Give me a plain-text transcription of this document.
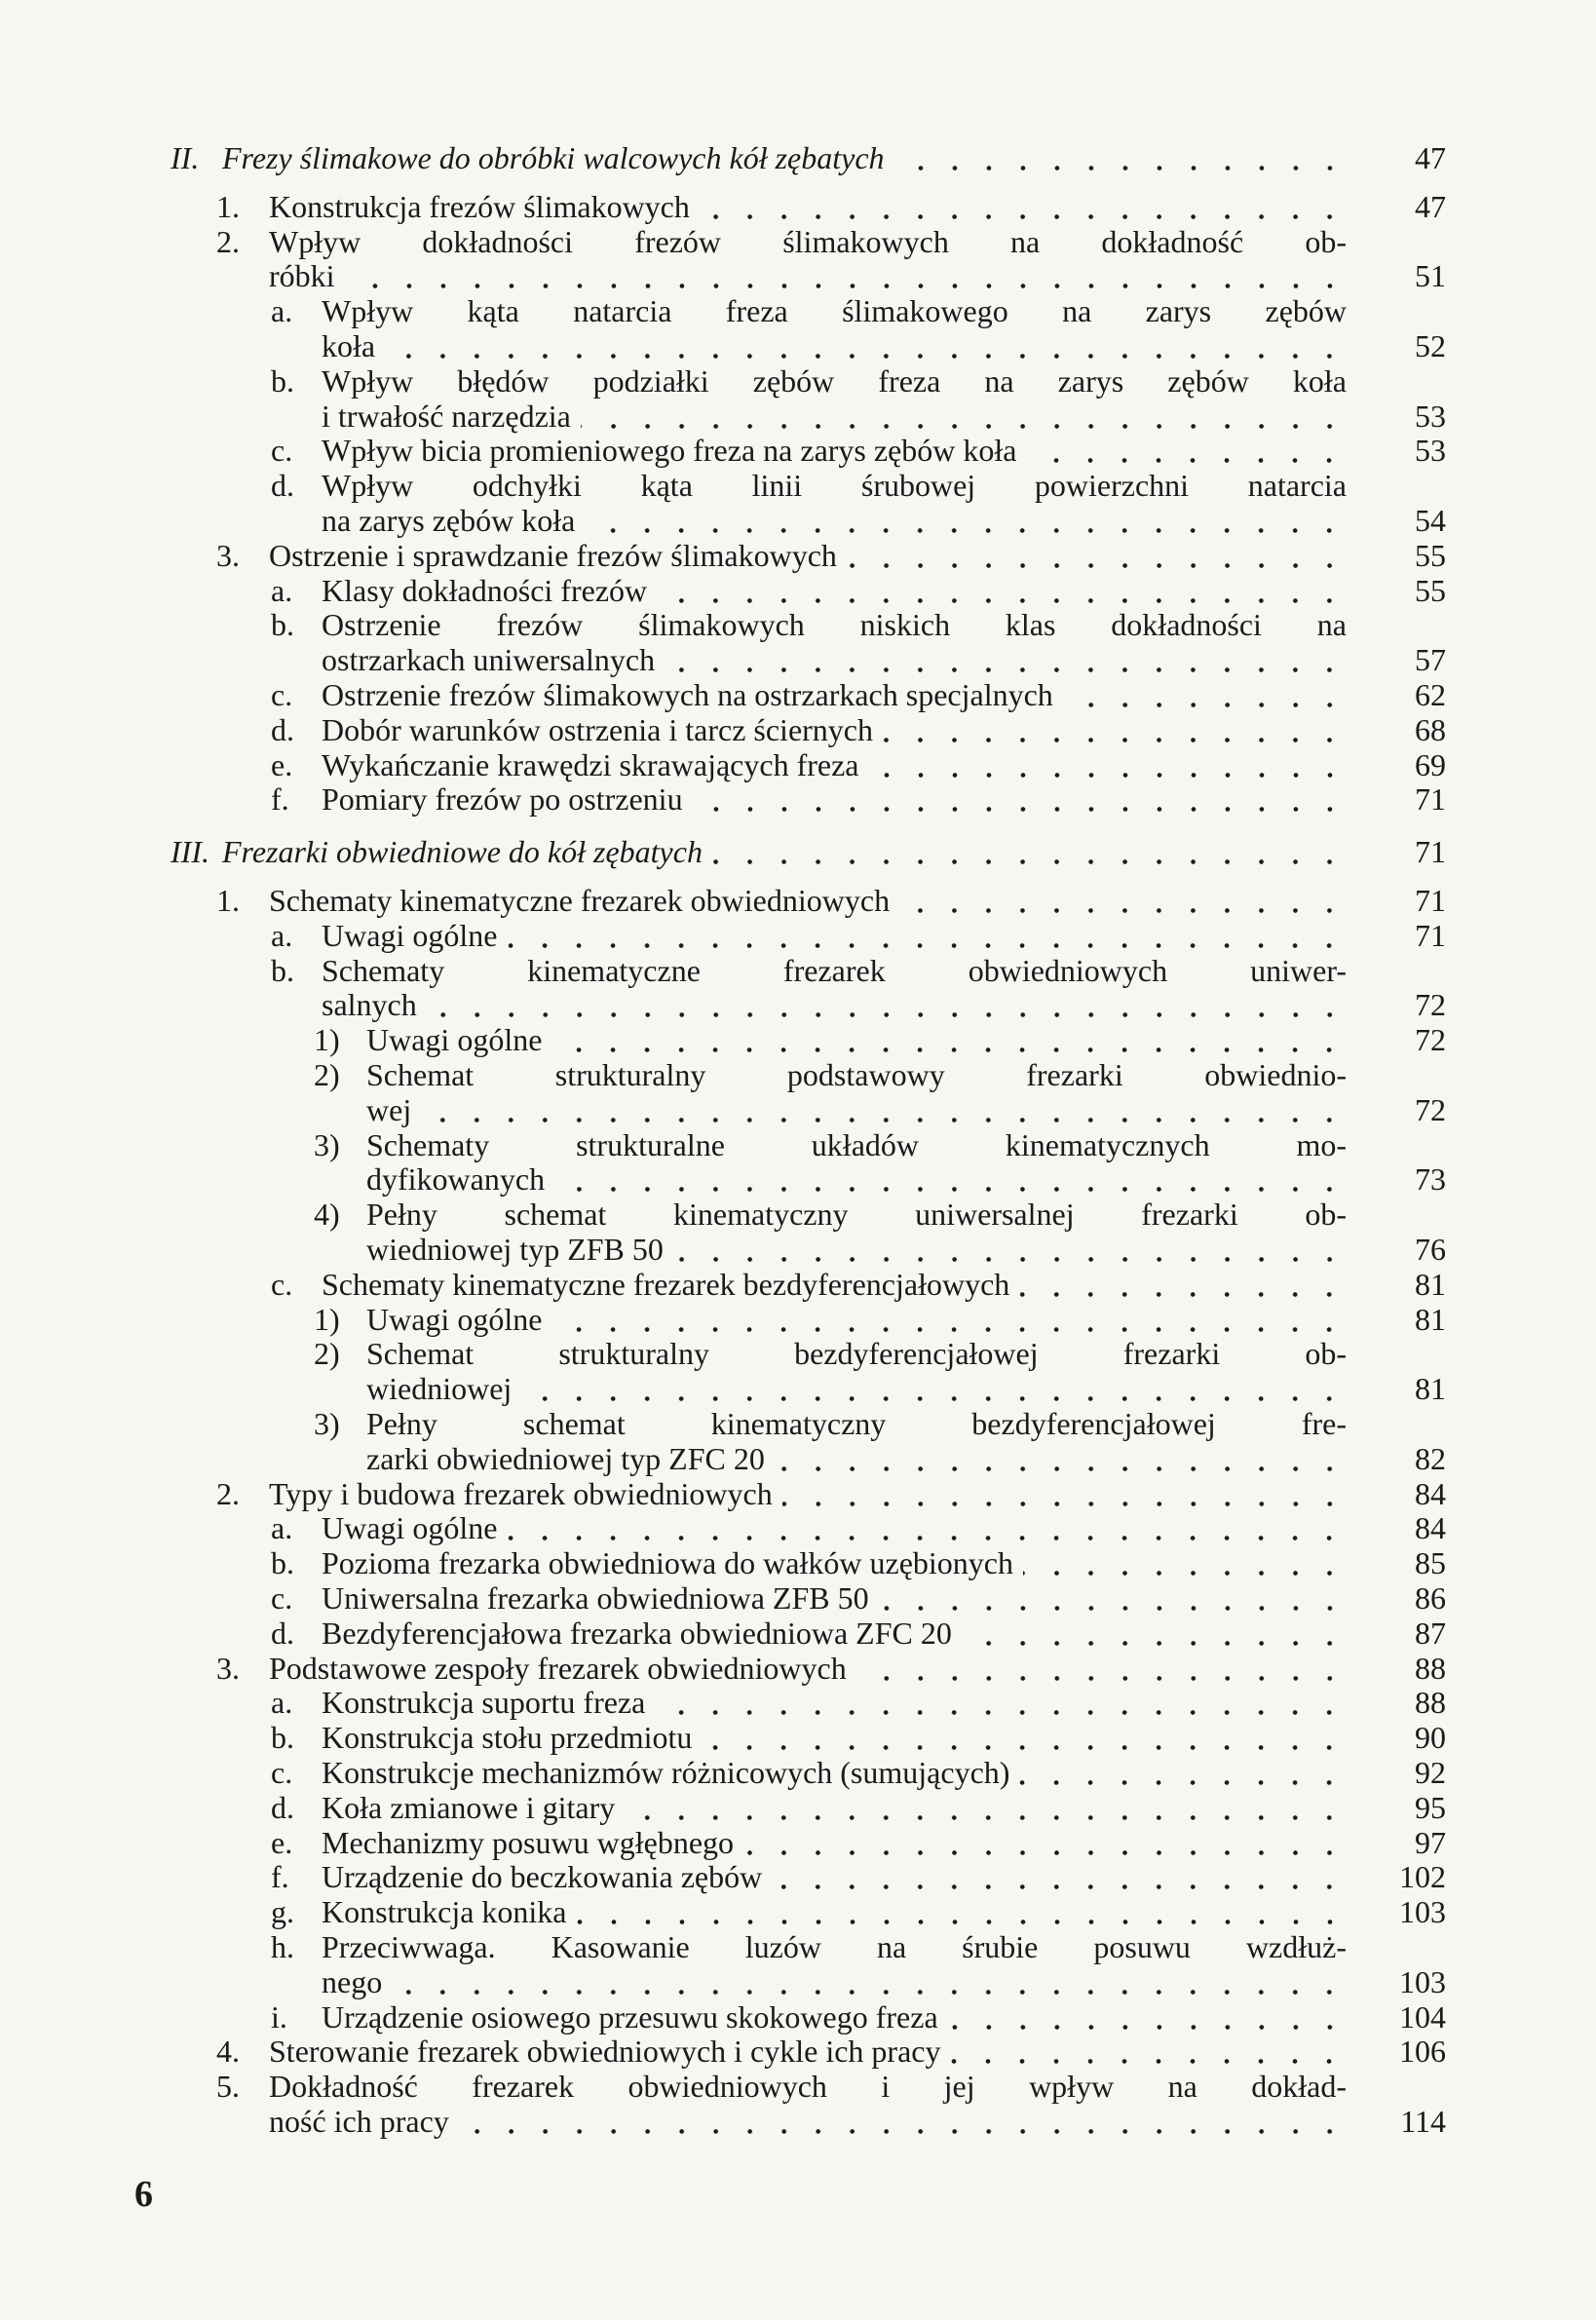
II. Frezy ślimakowe do obróbki walcowych kół zębatych	47
1. Konstrukcja frezów ślimakowych	47
2. Wpływ dokładności frezów ślimakowych na dokładność ob-
róbki	51
a. Wpływ kąta natarcia freza ślimakowego na zarys zębów
koła	52
b. Wpływ błędów podziałki zębów freza na zarys zębów koła
i trwałość narzędzia	53
c. Wpływ bicia promieniowego freza na zarys zębów koła	53
d. Wpływ odchyłki kąta linii śrubowej powierzchni natarcia
na zarys zębów koła	54
3. Ostrzenie i sprawdzanie frezów ślimakowych	55
a. Klasy dokładności frezów	55
b. Ostrzenie frezów ślimakowych niskich klas dokładności na
ostrzarkach uniwersalnych	57
c. Ostrzenie frezów ślimakowych na ostrzarkach specjalnych	62
d. Dobór warunków ostrzenia i tarcz ściernych	68
e. Wykańczanie krawędzi skrawających freza	69
f. Pomiary frezów po ostrzeniu	71
III. Frezarki obwiedniowe do kół zębatych	71
1. Schematy kinematyczne frezarek obwiedniowych	71
a. Uwagi ogólne	71
b. Schematy kinematyczne frezarek obwiedniowych uniwer-
salnych	72
1) Uwagi ogólne	72
2) Schemat strukturalny podstawowy frezarki obwiednio-
wej	72
3) Schematy strukturalne układów kinematycznych mo-
dyfikowanych	73
4) Pełny schemat kinematyczny uniwersalnej frezarki ob-
wiedniowej typ ZFB 50	76
c. Schematy kinematyczne frezarek bezdyferencjałowych	81
1) Uwagi ogólne	81
2) Schemat strukturalny bezdyferencjałowej frezarki ob-
wiedniowej	81
3) Pełny schemat kinematyczny bezdyferencjałowej fre-
zarki obwiedniowej typ ZFC 20	82
2. Typy i budowa frezarek obwiedniowych	84
a. Uwagi ogólne	84
b. Pozioma frezarka obwiedniowa do wałków uzębionych	85
c. Uniwersalna frezarka obwiedniowa ZFB 50	86
d. Bezdyferencjałowa frezarka obwiedniowa ZFC 20	87
3. Podstawowe zespoły frezarek obwiedniowych	88
a. Konstrukcja suportu freza	88
b. Konstrukcja stołu przedmiotu	90
c. Konstrukcje mechanizmów różnicowych (sumujących)	92
d. Koła zmianowe i gitary	95
e. Mechanizmy posuwu wgłębnego	97
f. Urządzenie do beczkowania zębów	102
g. Konstrukcja konika	103
h. Przeciwwaga. Kasowanie luzów na śrubie posuwu wzdłuż-
nego	103
i. Urządzenie osiowego przesuwu skokowego freza	104
4. Sterowanie frezarek obwiedniowych i cykle ich pracy	106
5. Dokładność frezarek obwiedniowych i jej wpływ na dokład-
ność ich pracy	114
6
